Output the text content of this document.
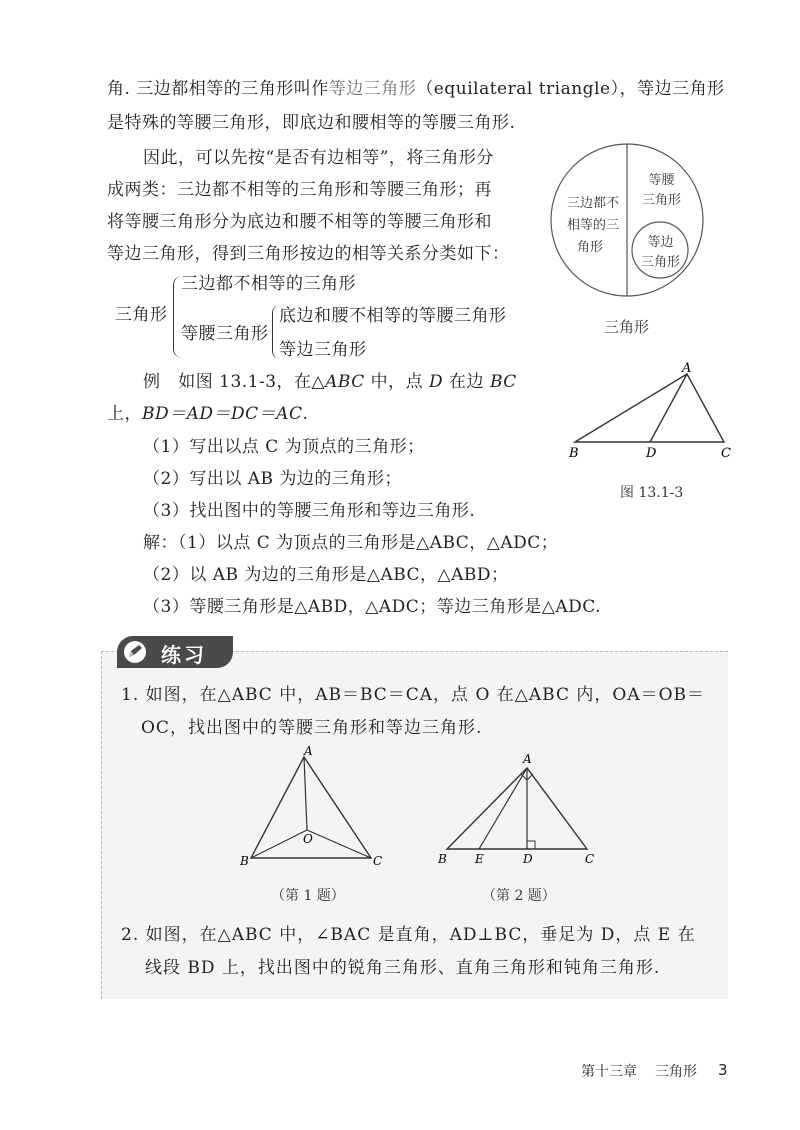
角. 三边都相等的三角形叫作等边三角形（equilateral triangle），等边三角形
是特殊的等腰三角形，即底边和腰相等的等腰三角形.
因此，可以先按“是否有边相等”，将三角形分
成两类：三边都不相等的三角形和等腰三角形；再
将等腰三角形分为底边和腰不相等的等腰三角形和
等边三角形，得到三角形按边的相等关系分类如下：
三角形
三边都不相等的三角形
等腰三角形
底边和腰不相等的等腰三角形
等边三角形
三边都不
相等的三
角形
等腰
三角形
等边
三角形
三角形
例 如图 13.1-3，在△ABC 中，点 D 在边 BC
上，BD＝AD＝DC＝AC.
（1）写出以点 C 为顶点的三角形；
（2）写出以 AB 为边的三角形；
（3）找出图中的等腰三角形和等边三角形.
解：（1）以点 C 为顶点的三角形是△ABC，△ADC；
（2）以 AB 为边的三角形是△ABC，△ABD；
（3）等腰三角形是△ABD，△ADC；等边三角形是△ADC.
A
B	C
D
图 13.1-3
练习
1. 如图，在△ABC 中，AB＝BC＝CA，点 O 在△ABC 内，OA＝OB＝
OC，找出图中的等腰三角形和等边三角形.
A
B	C
O
（第 1 题）
A
B	C
D
E
（第 2 题）
2. 如图，在△ABC 中，∠BAC 是直角，AD⊥BC，垂足为 D，点 E 在
线段 BD 上，找出图中的锐角三角形、直角三角形和钝角三角形.
第十三章 三角形 3
